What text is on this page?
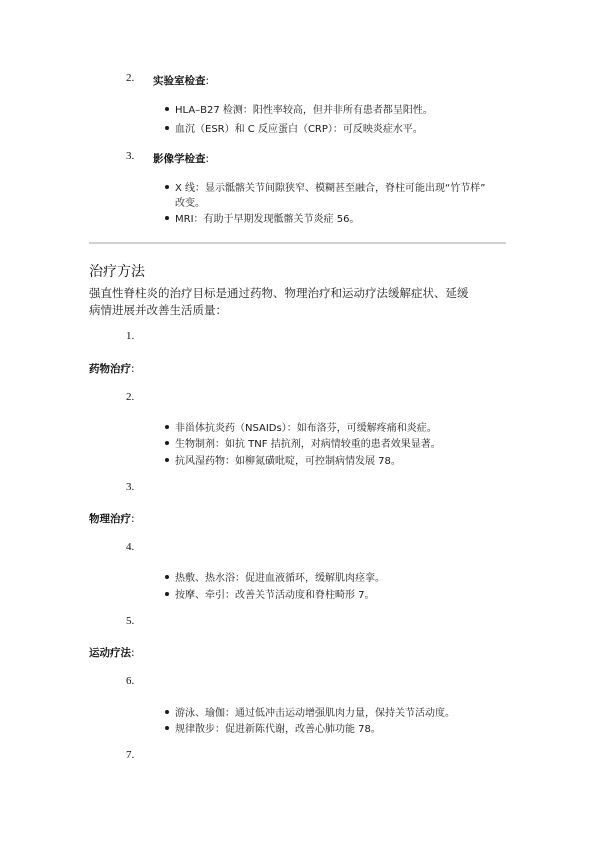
2. 实验室检查:
HLA–B27 检测：阳性率较高，但并非所有患者都呈阳性。
血沉（ESR）和 C 反应蛋白（CRP）：可反映炎症水平。
3. 影像学检查:
X 线：显示骶髂关节间隙狭窄、模糊甚至融合，脊柱可能出现“竹节样”
改变。
MRI：有助于早期发现骶髂关节炎症 56。
治疗方法
强直性脊柱炎的治疗目标是通过药物、物理治疗和运动疗法缓解症状、延缓
病情进展并改善生活质量：
1.
药物治疗:
2.
非甾体抗炎药（NSAIDs）：如布洛芬，可缓解疼痛和炎症。
生物制剂：如抗 TNF 拮抗剂，对病情较重的患者效果显著。
抗风湿药物：如柳氮磺吡啶，可控制病情发展 78。
3.
物理治疗:
4.
热敷、热水浴：促进血液循环，缓解肌肉痉挛。
按摩、牵引：改善关节活动度和脊柱畸形 7。
5.
运动疗法:
6.
游泳、瑜伽：通过低冲击运动增强肌肉力量，保持关节活动度。
规律散步：促进新陈代谢，改善心肺功能 78。
7.
